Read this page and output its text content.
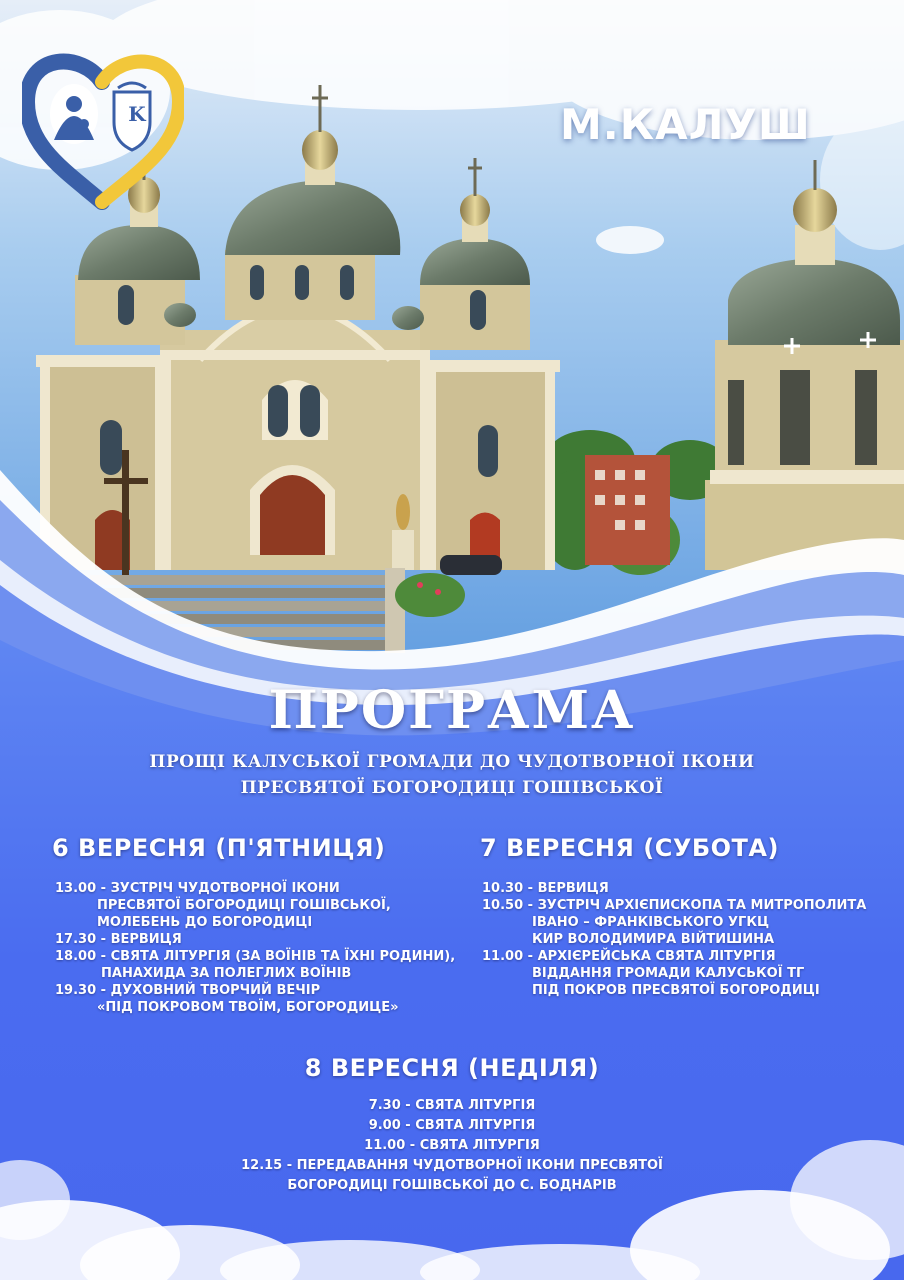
K	М.КАЛУШ
ПРОГРАМА
ПРОЩІ КАЛУСЬКОЇ ГРОМАДИ ДО ЧУДОТВОРНОЇ ІКОНИ
ПРЕСВЯТОЇ БОГОРОДИЦІ ГОШІВСЬКОЇ
6 ВЕРЕСНЯ (П'ЯТНИЦЯ)
13.00 - ЗУСТРІЧ ЧУДОТВОРНОЇ ІКОНИ
ПРЕСВЯТОЇ БОГОРОДИЦІ ГОШІВСЬКОЇ,
МОЛЕБЕНЬ ДО БОГОРОДИЦІ
17.30 - ВЕРВИЦЯ
18.00 - СВЯТА ЛІТУРГІЯ (ЗА ВОЇНІВ ТА ЇХНІ РОДИНИ),
ПАНАХИДА ЗА ПОЛЕГЛИХ ВОЇНІВ
19.30 - ДУХОВНИЙ ТВОРЧИЙ ВЕЧІР
«ПІД ПОКРОВОМ ТВОЇМ, БОГОРОДИЦЕ»
7 ВЕРЕСНЯ (СУБОТА)
10.30 - ВЕРВИЦЯ
10.50 - ЗУСТРІЧ АРХІЄПИСКОПА ТА МИТРОПОЛИТА
ІВАНО – ФРАНКІВСЬКОГО УГКЦ
КИР ВОЛОДИМИРА ВІЙТИШИНА
11.00 - АРХІЄРЕЙСЬКА СВЯТА ЛІТУРГІЯ
ВІДДАННЯ ГРОМАДИ КАЛУСЬКОЇ ТГ
ПІД ПОКРОВ ПРЕСВЯТОЇ БОГОРОДИЦІ
8 ВЕРЕСНЯ (НЕДІЛЯ)
7.30 - СВЯТА ЛІТУРГІЯ
9.00 - СВЯТА ЛІТУРГІЯ
11.00 - СВЯТА ЛІТУРГІЯ
12.15 - ПЕРЕДАВАННЯ ЧУДОТВОРНОЇ ІКОНИ ПРЕСВЯТОЇ
БОГОРОДИЦІ ГОШІВСЬКОЇ ДО С. БОДНАРІВ
